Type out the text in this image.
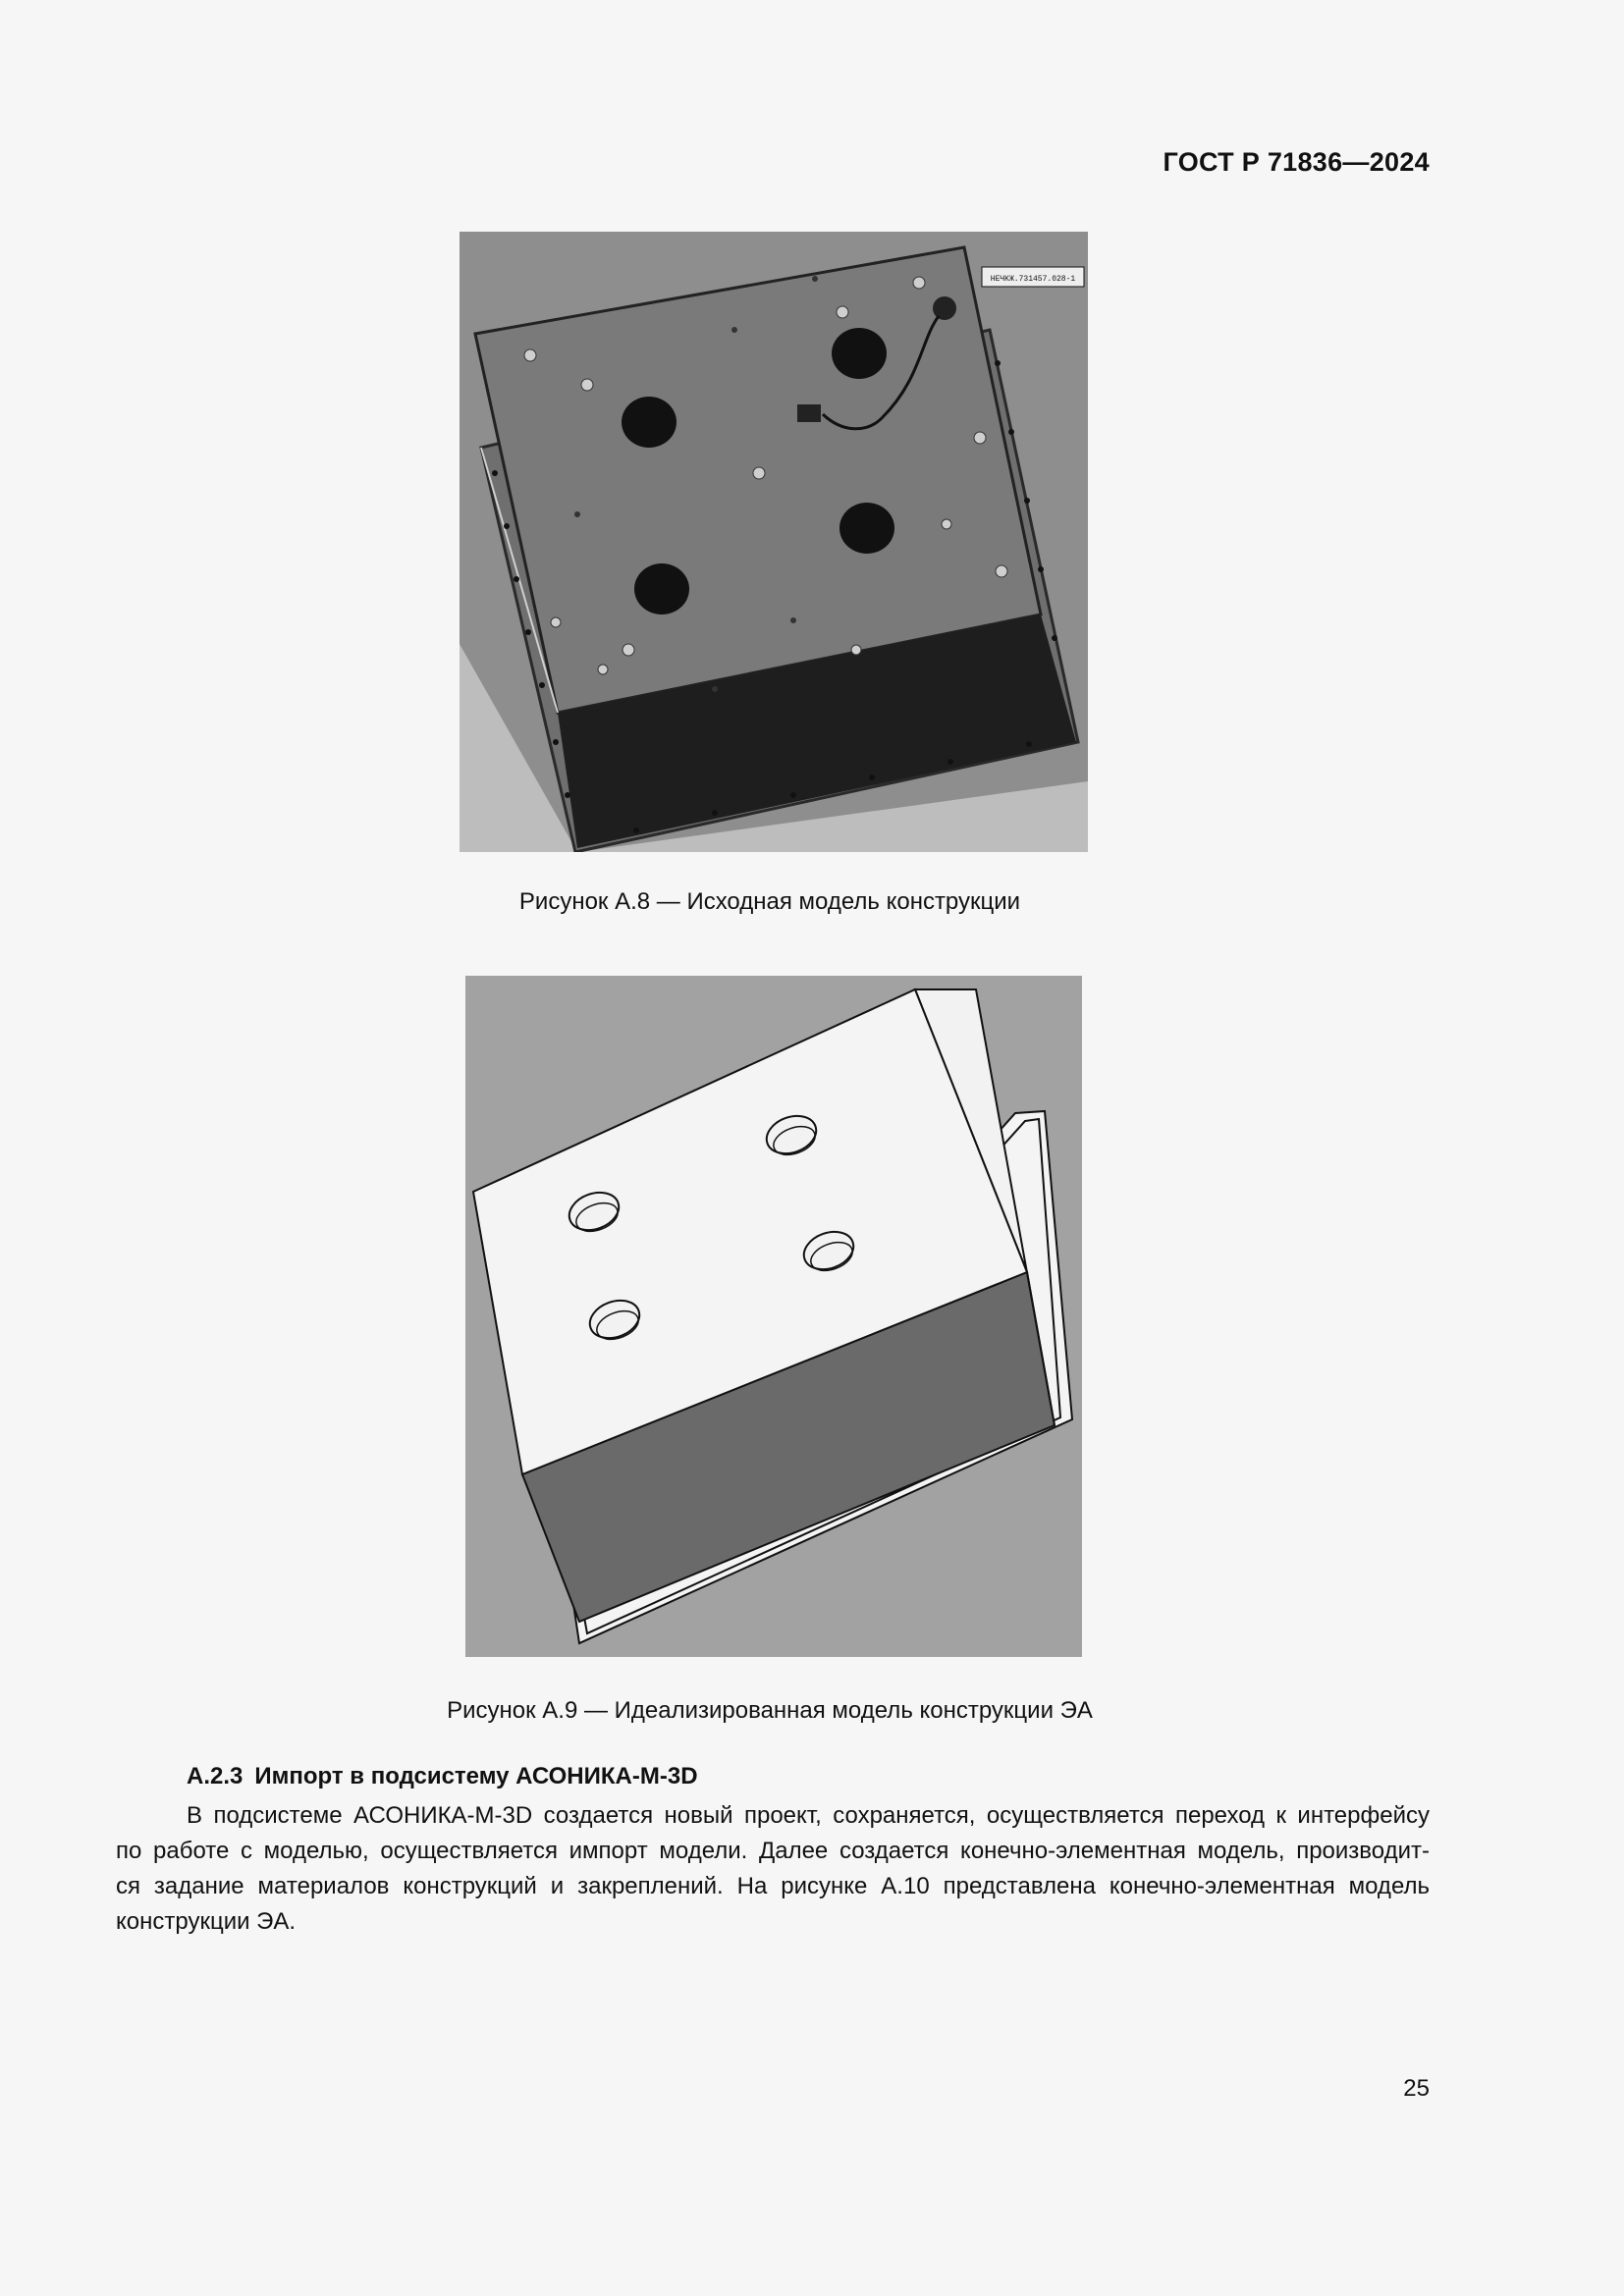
ГОСТ Р 71836—2024
НЕЧКЖ.731457.028-1
Рисунок А.8 — Исходная модель конструкции
Рисунок А.9 — Идеализированная модель конструкции ЭА
А.2.3 Импорт в подсистему АСОНИКА-М-3D
В подсистеме АСОНИКА-М-3D создается новый проект, сохраняется, осуществляется переход к интерфейсу
по работе с моделью, осуществляется импорт модели. Далее создается конечно-элементная модель, производит-
ся задание материалов конструкций и закреплений. На рисунке А.10 представлена конечно-элементная модель
конструкции ЭА.
25
